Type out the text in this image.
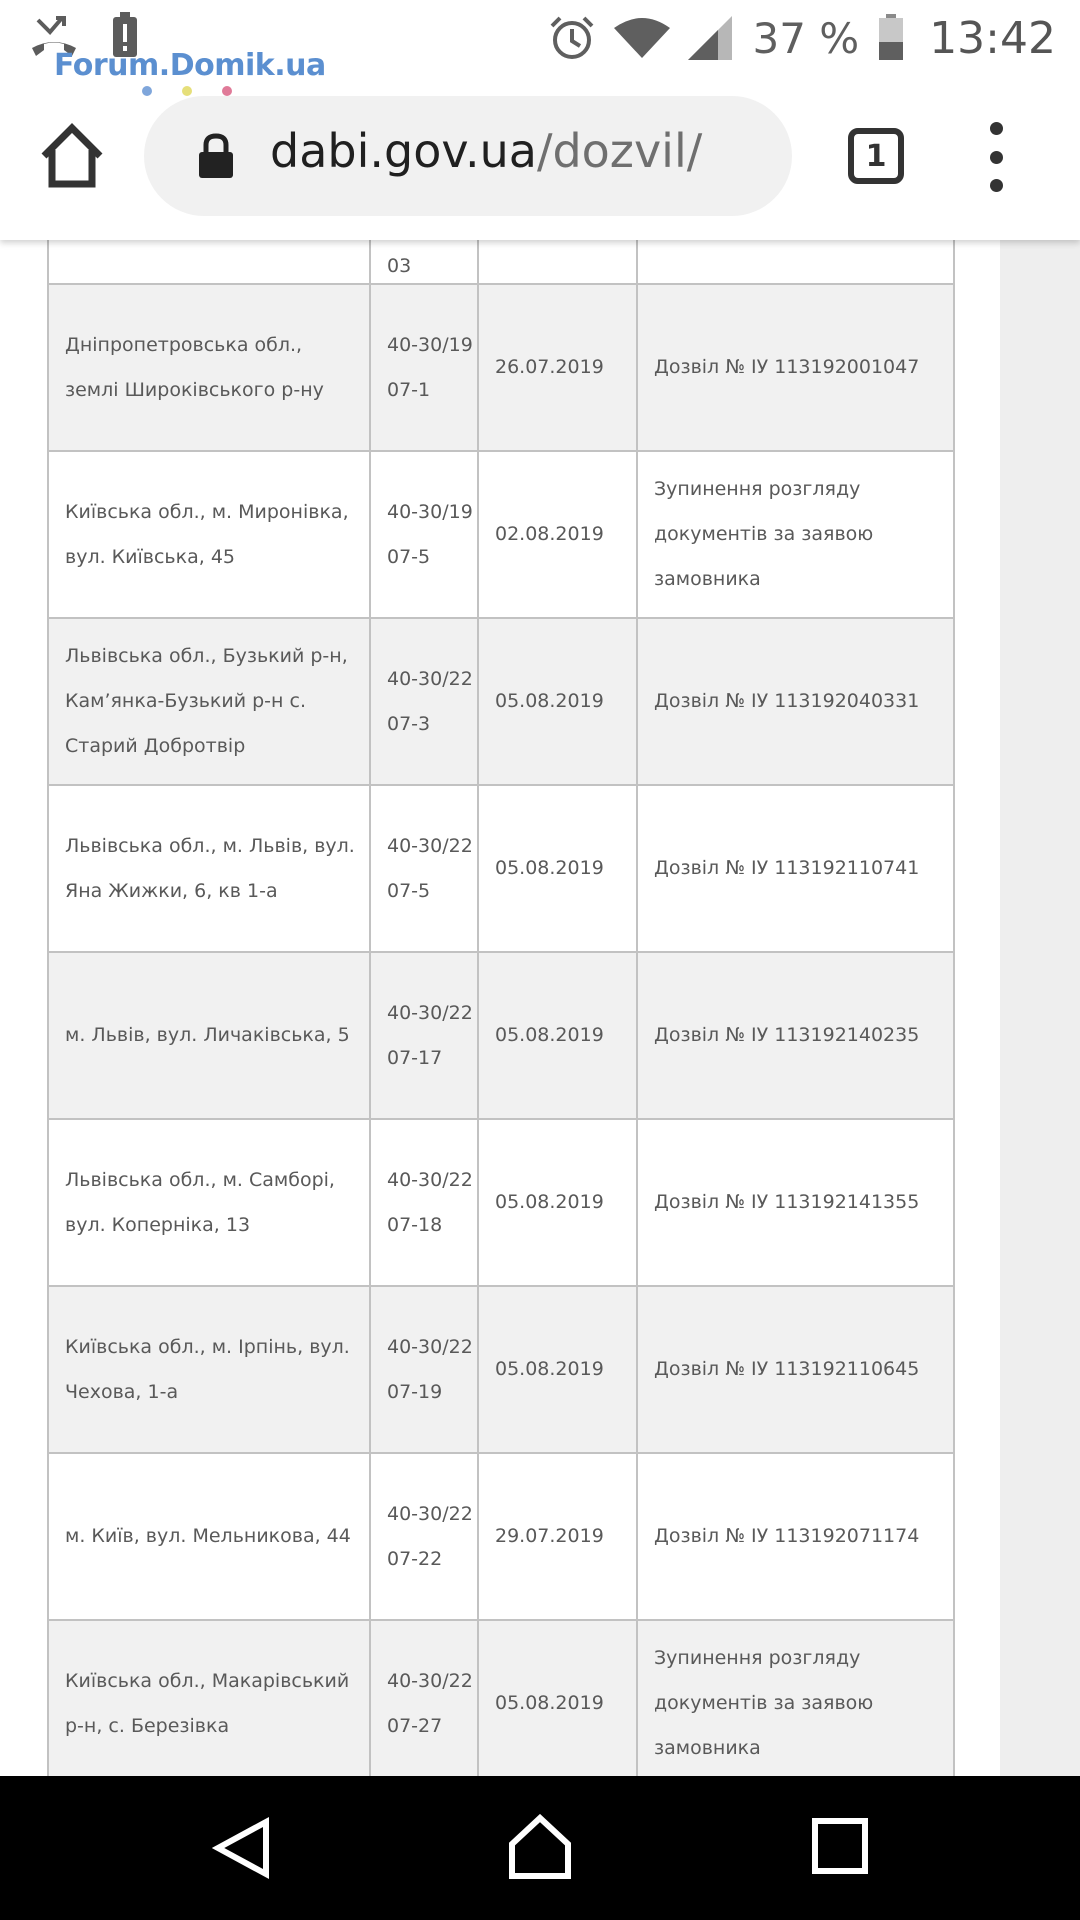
37 % 13:42
Forum.Domik.ua
dabi.gov.ua/dozvil/	1
	03		
Дніпропетровська обл., землі Широківського р-ну	40-30/1907-1	26.07.2019	Дозвіл № ІУ 113192001047
Київська обл., м. Миронівка, вул. Київська, 45	40-30/1907-5	02.08.2019	Зупинення розгляду документів за заявою замовника
Львівська обл., Бузький р-н, Кам’янка-Бузький р-н с. Старий Добротвір	40-30/2207-3	05.08.2019	Дозвіл № ІУ 113192040331
Львівська обл., м. Львів, вул. Яна Жижки, 6, кв 1-а	40-30/2207-5	05.08.2019	Дозвіл № ІУ 113192110741
м. Львів, вул. Личаківська, 5	40-30/2207-17	05.08.2019	Дозвіл № ІУ 113192140235
Львівська обл., м. Самборі, вул. Коперніка, 13	40-30/2207-18	05.08.2019	Дозвіл № ІУ 113192141355
Київська обл., м. Ірпінь, вул. Чехова, 1-а	40-30/2207-19	05.08.2019	Дозвіл № ІУ 113192110645
м. Київ, вул. Мельникова, 44	40-30/2207-22	29.07.2019	Дозвіл № ІУ 113192071174
Київська обл., Макарівський р-н, с. Березівка	40-30/2207-27	05.08.2019	Зупинення розгляду документів за заявою замовника
